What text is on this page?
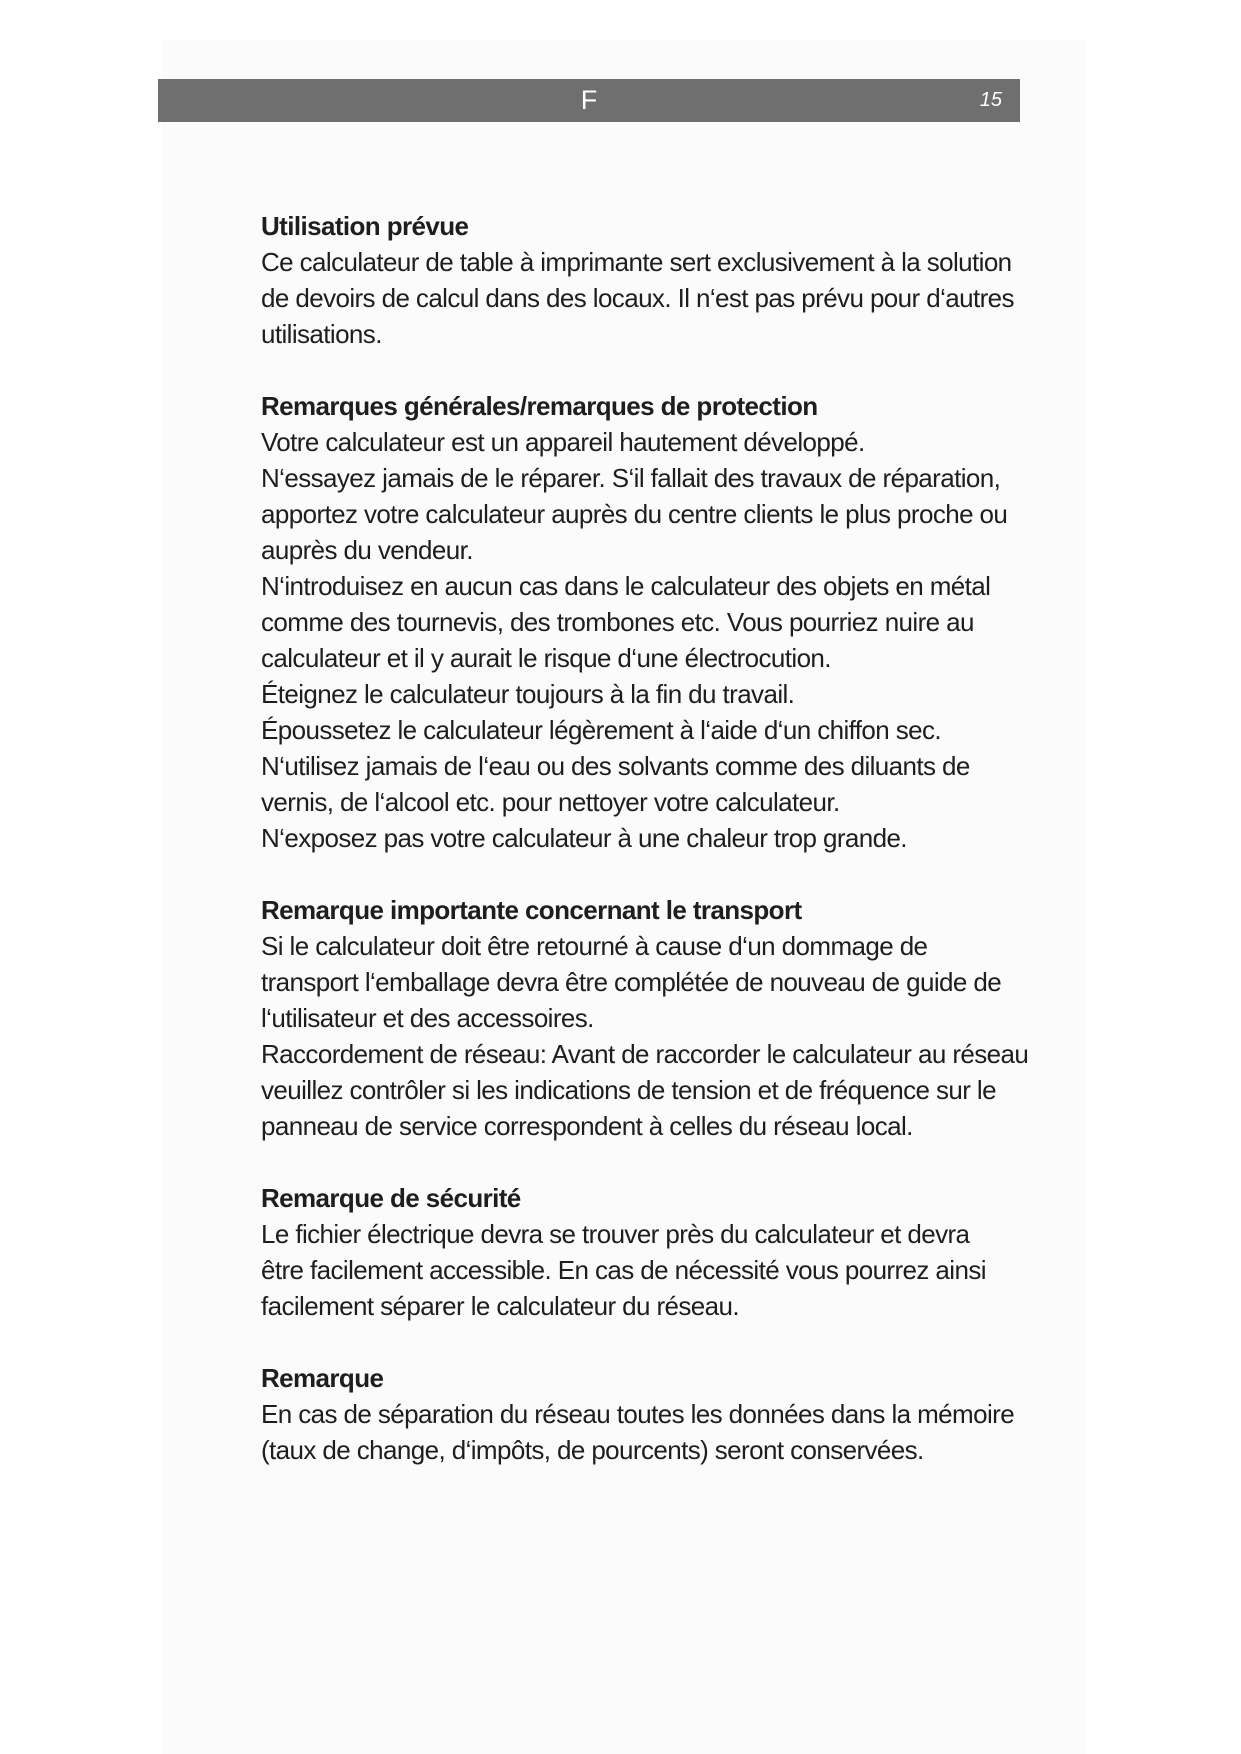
F	15

Utilisation prévue

Ce calculateur de table à imprimante sert exclusivement à la solution

de devoirs de calcul dans des locaux. Il n‘est pas prévu pour d‘autres

utilisations.

Remarques générales/remarques de protection

Votre calculateur est un appareil hautement développé.

N‘essayez jamais de le réparer. S‘il fallait des travaux de réparation,

apportez votre calculateur auprès du centre clients le plus proche ou

auprès du vendeur.

N‘introduisez en aucun cas dans le calculateur des objets en métal

comme des tournevis, des trombones etc. Vous pourriez nuire au

calculateur et il y aurait le risque d‘une électrocution.

Éteignez le calculateur toujours à la fin du travail.

Époussetez le calculateur légèrement à l‘aide d‘un chiffon sec.

N‘utilisez jamais de l‘eau ou des solvants comme des diluants de

vernis, de l‘alcool etc. pour nettoyer votre calculateur.

N‘exposez pas votre calculateur à une chaleur trop grande.

Remarque importante concernant le transport

Si le calculateur doit être retourné à cause d‘un dommage de

transport l‘emballage devra être complétée de nouveau de guide de

l‘utilisateur et des accessoires.

Raccordement de réseau: Avant de raccorder le calculateur au réseau

veuillez contrôler si les indications de tension et de fréquence sur le

panneau de service correspondent à celles du réseau local.

Remarque de sécurité

Le fichier électrique devra se trouver près du calculateur et devra

être facilement accessible. En cas de nécessité vous pourrez ainsi

facilement séparer le calculateur du réseau.

Remarque

En cas de séparation du réseau toutes les données dans la mémoire

(taux de change, d‘impôts, de pourcents) seront conservées.
